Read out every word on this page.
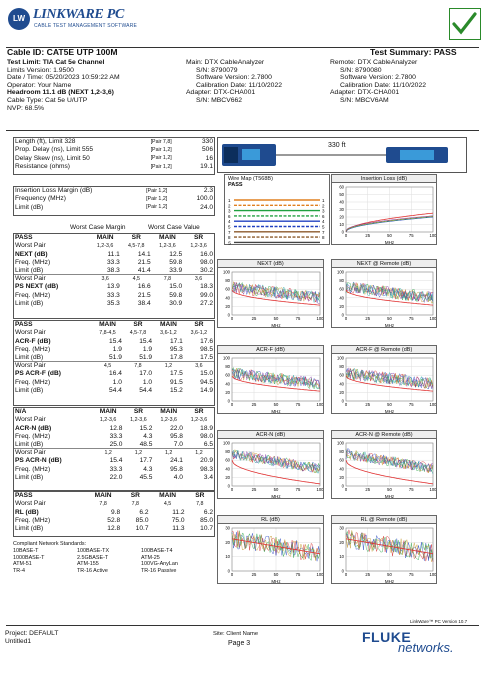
LW LINKWARE PC
CABLE TEST MANAGEMENT SOFTWARE
Cable ID: CAT5E UTP 100M	Test Summary: PASS
Test Limit: TIA Cat 5e Channel
Limits Version: 1.9500
Date / Time: 05/20/2023 10:59:22 AM
Operator: Your Name
Headroom 11.1 dB (NEXT 1,2-3,6)
Cable Type: Cat 5e U/UTP
NVP: 68.5%
Main: DTX CableAnalyzer
S/N: 8790079
Software Version: 2.7800
Calibration Date: 11/10/2022
Adapter: DTX-CHA001
S/N: MBCV662
Remote: DTX CableAnalyzer
S/N: 8790080
Software Version: 2.7800
Calibration Date: 11/10/2022
Adapter: DTX-CHA001
S/N: MBCV6AM
Length (ft), Limit 328	[Pair 7,8]	330
Prop. Delay (ns), Limit 555	[Pair 1,2]	506
Delay Skew (ns), Limit 50	[Pair 1,2]	16
Resistance (ohms)	[Pair 1,2]	19.1
330 ft
Insertion Loss Margin (dB)	[Pair 1,2]	2.3
Frequency (MHz)	[Pair 1,2]	100.0
Limit (dB)	[Pair 1,2]	24.0
Worst Case Margin	Worst Case Value
PASS	MAIN	SR	MAIN	SR
Worst Pair	1,2-3,6	4,5-7,8	1,2-3,6	1,2-3,6
NEXT (dB)	11.1	14.1	12.5	16.0
Freq. (MHz)	33.3	21.5	59.8	98.0
Limit (dB)	38.3	41.4	33.9	30.2
Worst Pair	3,6	4,5	7,8	3,6
PS NEXT (dB)	13.9	16.6	15.0	18.3
Freq. (MHz)	33.3	21.5	59.8	99.0
Limit (dB)	35.3	38.4	30.9	27.2
PASS	MAIN	SR	MAIN	SR
Worst Pair	7,8-4,5	4,5-7,8	3,6-1,2	3,6-1,2
ACR-F (dB)	15.4	15.4	17.1	17.6
Freq. (MHz)	1.9	1.9	95.3	98.5
Limit (dB)	51.9	51.9	17.8	17.5
Worst Pair	4,5	7,8	1,2	3,6
PS ACR-F (dB)	16.4	17.0	17.5	15.0
Freq. (MHz)	1.0	1.0	91.5	94.5
Limit (dB)	54.4	54.4	15.2	14.9
N/A	MAIN	SR	MAIN	SR
Worst Pair	1,2-3,6	1,2-3,6	1,2-3,6	1,2-3,6
ACR-N (dB)	12.8	15.2	22.0	18.9
Freq. (MHz)	33.3	4.3	95.8	98.0
Limit (dB)	25.0	48.5	7.0	6.5
Worst Pair	1,2	1,2	1,2	1,2
PS ACR-N (dB)	15.4	17.7	24.1	20.9
Freq. (MHz)	33.3	4.3	95.8	98.3
Limit (dB)	22.0	45.5	4.0	3.4
PASS	MAIN	SR	MAIN	SR
Worst Pair	7,8	7,8	4,5	7,8
RL (dB)	9.8	6.2	11.2	6.2
Freq. (MHz)	52.8	85.0	75.0	85.0
Limit (dB)	12.8	10.7	11.3	10.7
Compliant Network Standards:
10BASE-T	100BASE-TX	100BASE-T4
1000BASE-T	2.5GBASE-T	ATM-25
ATM-51	ATM-155	100VG-AnyLan
TR-4	TR-16 Active	TR-16 Passive
Wire Map (T568B)
1	1
2	2
3	3
6	6
4	4
5	5
7	7
8	8
S
PASS
Insertion Loss (dB)
60
50
40
30
20
10
0
0	25	50	75	100
MHz
NEXT (dB)
100
80
60
40
20
0
0	25	50	75	100
MHz
NEXT @ Remote (dB)
100
80
60
40
20
0
0	25	50	75	100
MHz
ACR-F (dB)
100
80
60
40
20
0
0	25	50	75	100
MHz
ACR-F @ Remote (dB)
100
80
60
40
20
0
0	25	50	75	100
MHz
ACR-N (dB)
100
80
60
40
20
0
0	25	50	75	100
MHz
ACR-N @ Remote (dB)
100
80
60
40
20
0
0	25	50	75	100
MHz
RL (dB)
30
20
10
0
0	25	50	75	100
MHz
RL @ Remote (dB)
30
20
10
0
0	25	50	75	100
MHz
LinkWare™ PC Version 10.7
Project: DEFAULT
Untitled1
Site: Client Name
Page 3	FLUKE
networks.
